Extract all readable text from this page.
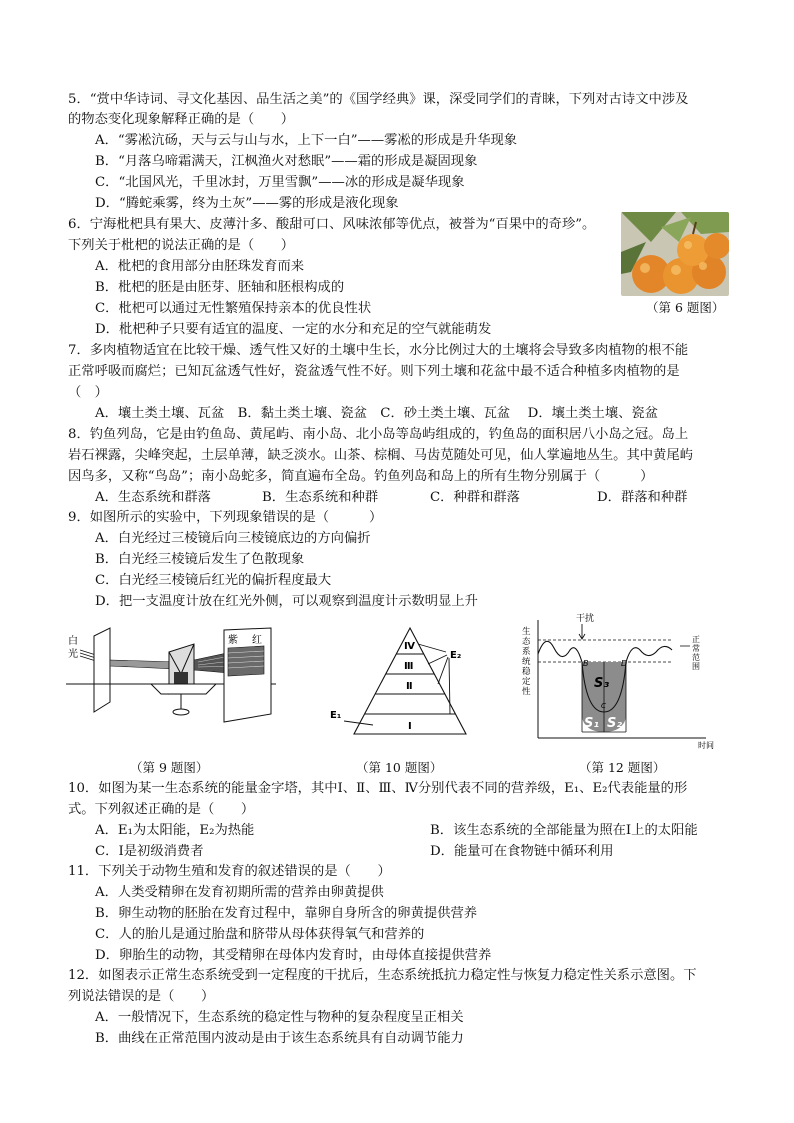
5．“赏中华诗词、寻文化基因、品生活之美”的《国学经典》课，深受同学们的青睐，下列对古诗文中涉及
的物态变化现象解释正确的是（　　）
A．“雾凇沆砀，天与云与山与水，上下一白”——雾凇的形成是升华现象
B．“月落乌啼霜满天，江枫渔火对愁眠”——霜的形成是凝固现象
C．“北国风光，千里冰封，万里雪飘”——冰的形成是凝华现象
D．“腾蛇乘雾，终为土灰”——雾的形成是液化现象
6．宁海枇杷具有果大、皮薄汁多、酸甜可口、风味浓郁等优点，被誉为“百果中的奇珍”。
下列关于枇杷的说法正确的是（　　）
A．枇杷的食用部分由胚珠发育而来
B．枇杷的胚是由胚芽、胚轴和胚根构成的
C．枇杷可以通过无性繁殖保持亲本的优良性状
D．枇杷种子只要有适宜的温度、一定的水分和充足的空气就能萌发
（第 6 题图）
7．多肉植物适宜在比较干燥、透气性又好的土壤中生长，水分比例过大的土壤将会导致多肉植物的根不能
正常呼吸而腐烂；已知瓦盆透气性好，瓷盆透气性不好。则下列土壤和花盆中最不适合种植多肉植物的是
（　）
A．壤土类土壤、瓦盆　B．黏土类土壤、瓷盆　C．砂土类土壤、瓦盆　 D．壤土类土壤、瓷盆
8．钓鱼列岛，它是由钓鱼岛、黄尾屿、南小岛、北小岛等岛屿组成的，钓鱼岛的面积居八小岛之冠。岛上
岩石裸露，尖峰突起，土层单薄，缺乏淡水。山茶、棕榈、马齿苋随处可见，仙人掌遍地丛生。其中黄尾屿
因鸟多，又称“鸟岛”；南小岛蛇多，简直遍布全岛。钓鱼列岛和岛上的所有生物分别属于（　　　）
A．生态系统和群落	B．生态系统和种群	C．种群和群落	D．群落和种群
9．如图所示的实验中，下列现象错误的是（　　　）
A．白光经过三棱镜后向三棱镜底边的方向偏折
B．白光经三棱镜后发生了色散现象
C．白光经三棱镜后红光的偏折程度最大
D．把一支温度计放在红光外侧，可以观察到温度计示数明显上升
白
光
紫 红
（第 9 题图）
Ⅳ
Ⅲ
Ⅱ
Ⅰ
E₁
E₂
（第 10 题图）
生
态
系
统
稳
定
性
干扰
B	D
C
S₃
S₁ S₂
正
常
范
围
时间
（第 12 题图）
10．如图为某一生态系统的能量金字塔，其中Ⅰ、Ⅱ、Ⅲ、Ⅳ分别代表不同的营养级，E₁、E₂代表能量的形
式。下列叙述正确的是（　　）
A．E₁为太阳能，E₂为热能	B．该生态系统的全部能量为照在Ⅰ上的太阳能
C．Ⅰ是初级消费者	D．能量可在食物链中循环利用
11．下列关于动物生殖和发育的叙述错误的是（　　）
A．人类受精卵在发育初期所需的营养由卵黄提供
B．卵生动物的胚胎在发育过程中，靠卵自身所含的卵黄提供营养
C．人的胎儿是通过胎盘和脐带从母体获得氧气和营养的
D．卵胎生的动物，其受精卵在母体内发育时，由母体直接提供营养
12．如图表示正常生态系统受到一定程度的干扰后，生态系统抵抗力稳定性与恢复力稳定性关系示意图。下
列说法错误的是（　　）
A．一般情况下，生态系统的稳定性与物种的复杂程度呈正相关
B．曲线在正常范围内波动是由于该生态系统具有自动调节能力
